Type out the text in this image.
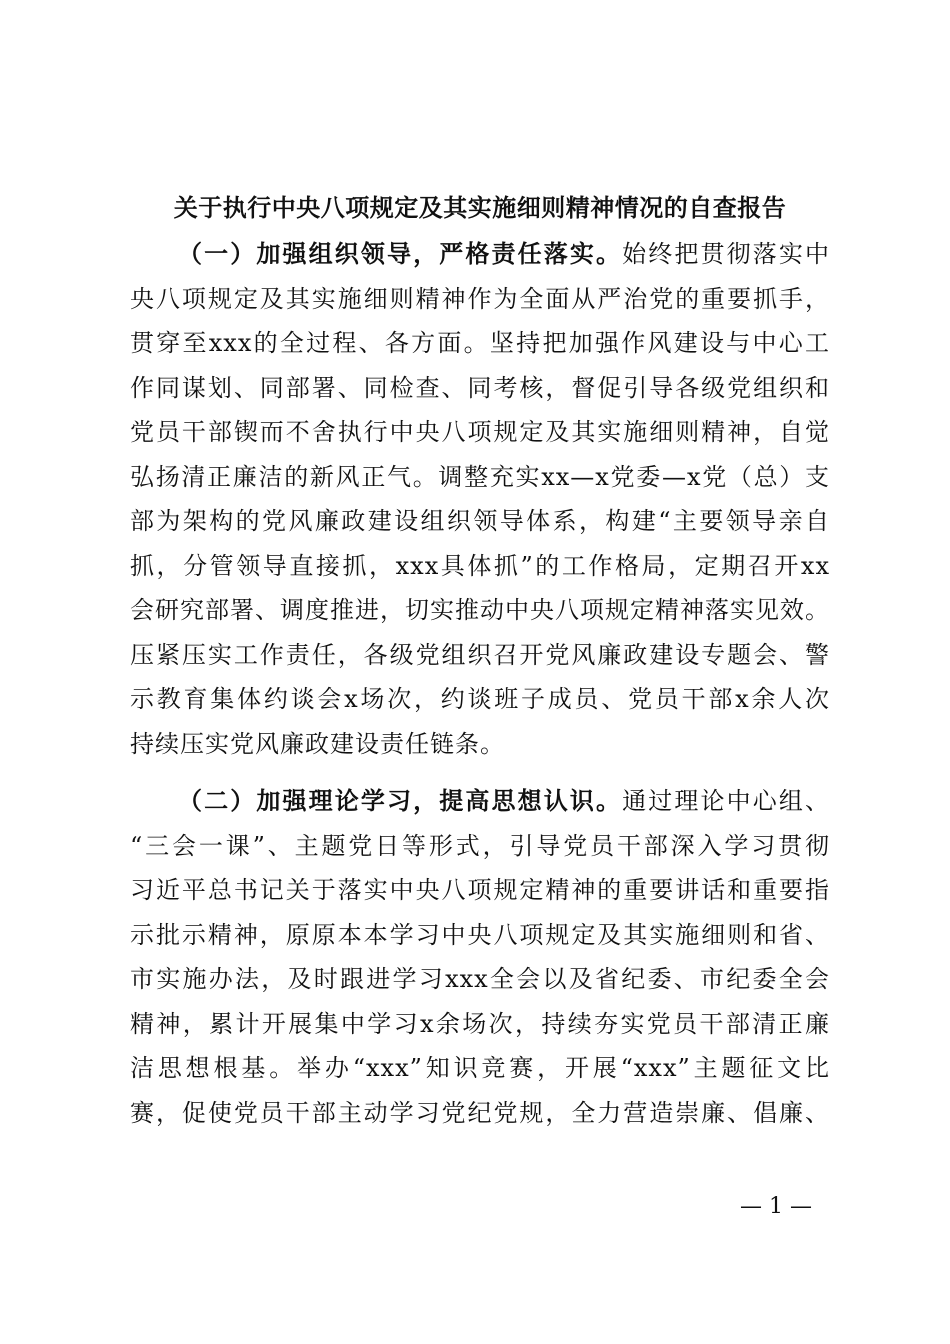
关于执行中央八项规定及其实施细则精神情况的自查报告
（一）加强组织领导，严格责任落实。始终把贯彻落实中
央八项规定及其实施细则精神作为全面从严治党的重要抓手，
贯穿至xxx的全过程、各方面。坚持把加强作风建设与中心工
作同谋划、同部署、同检查、同考核，督促引导各级党组织和
党员干部锲而不舍执行中央八项规定及其实施细则精神，自觉
弘扬清正廉洁的新风正气。调整充实xx—x党委—x党（总）支
部为架构的党风廉政建设组织领导体系，构建“主要领导亲自
抓，分管领导直接抓，xxx具体抓”的工作格局，定期召开xx
会研究部署、调度推进，切实推动中央八项规定精神落实见效。
压紧压实工作责任，各级党组织召开党风廉政建设专题会、警
示教育集体约谈会x场次，约谈班子成员、党员干部x余人次
持续压实党风廉政建设责任链条。
（二）加强理论学习，提高思想认识。通过理论中心组、
“三会一课”、主题党日等形式，引导党员干部深入学习贯彻
习近平总书记关于落实中央八项规定精神的重要讲话和重要指
示批示精神，原原本本学习中央八项规定及其实施细则和省、
市实施办法，及时跟进学习xxx全会以及省纪委、市纪委全会
精神，累计开展集中学习x余场次，持续夯实党员干部清正廉
洁思想根基。举办“xxx”知识竞赛，开展“xxx”主题征文比
赛，促使党员干部主动学习党纪党规，全力营造崇廉、倡廉、
— 1 —
